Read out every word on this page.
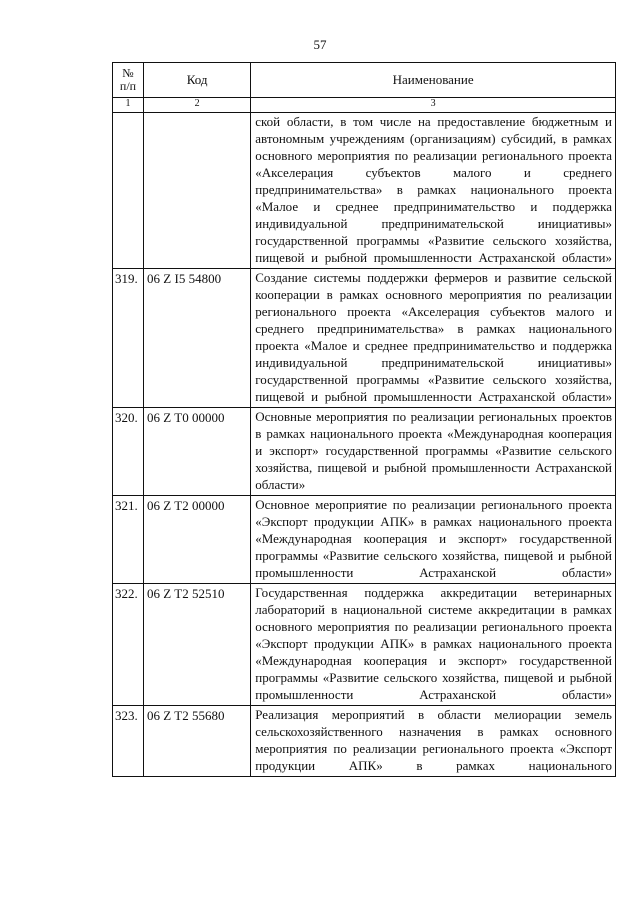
57
№
п/п	Код	Наименование
1	2	3
		ской области, в том числе на предоставление бюджетным и автономным учреждениям (организациям) субсидий, в рамках основного мероприятия по реализации регионального проекта «Акселерация субъектов малого и среднего предпринимательства» в рамках национального проекта «Малое и среднее предпринимательство и поддержка индивидуальной предпринимательской инициативы» государственной программы «Развитие сельского хозяйства, пищевой и рыбной промышленности Астраханской области»
319.	06 Z I5 54800	Создание системы поддержки фермеров и развитие сельской кооперации в рамках основного мероприятия по реализации регионального проекта «Акселерация субъектов малого и среднего предпринимательства» в рамках национального проекта «Малое и среднее предпринимательство и поддержка индивидуальной предпринимательской инициативы» государственной программы «Развитие сельского хозяйства, пищевой и рыбной промышленности Астраханской области»
320.	06 Z T0 00000	Основные мероприятия по реализации региональных проектов в рамках национального проекта «Международная кооперация и экспорт» государственной программы «Развитие сельского хозяйства, пищевой и рыбной промышленности Астраханской области»
321.	06 Z T2 00000	Основное мероприятие по реализации регионального проекта «Экспорт продукции АПК» в рамках национального проекта «Международная кооперация и экспорт» государственной программы «Развитие сельского хозяйства, пищевой и рыбной промышленности Астраханской области»
322.	06 Z T2 52510	Государственная поддержка аккредитации ветеринарных лабораторий в национальной системе аккредитации в рамках основного мероприятия по реализации регионального проекта «Экспорт продукции АПК» в рамках национального проекта «Международная кооперация и экспорт» государственной программы «Развитие сельского хозяйства, пищевой и рыбной промышленности Астраханской области»
323.	06 Z T2 55680	Реализация мероприятий в области мелиорации земель сельскохозяйственного назначения в рамках основного мероприятия по реализации регионального проекта «Экспорт продукции АПК» в рамках национального
